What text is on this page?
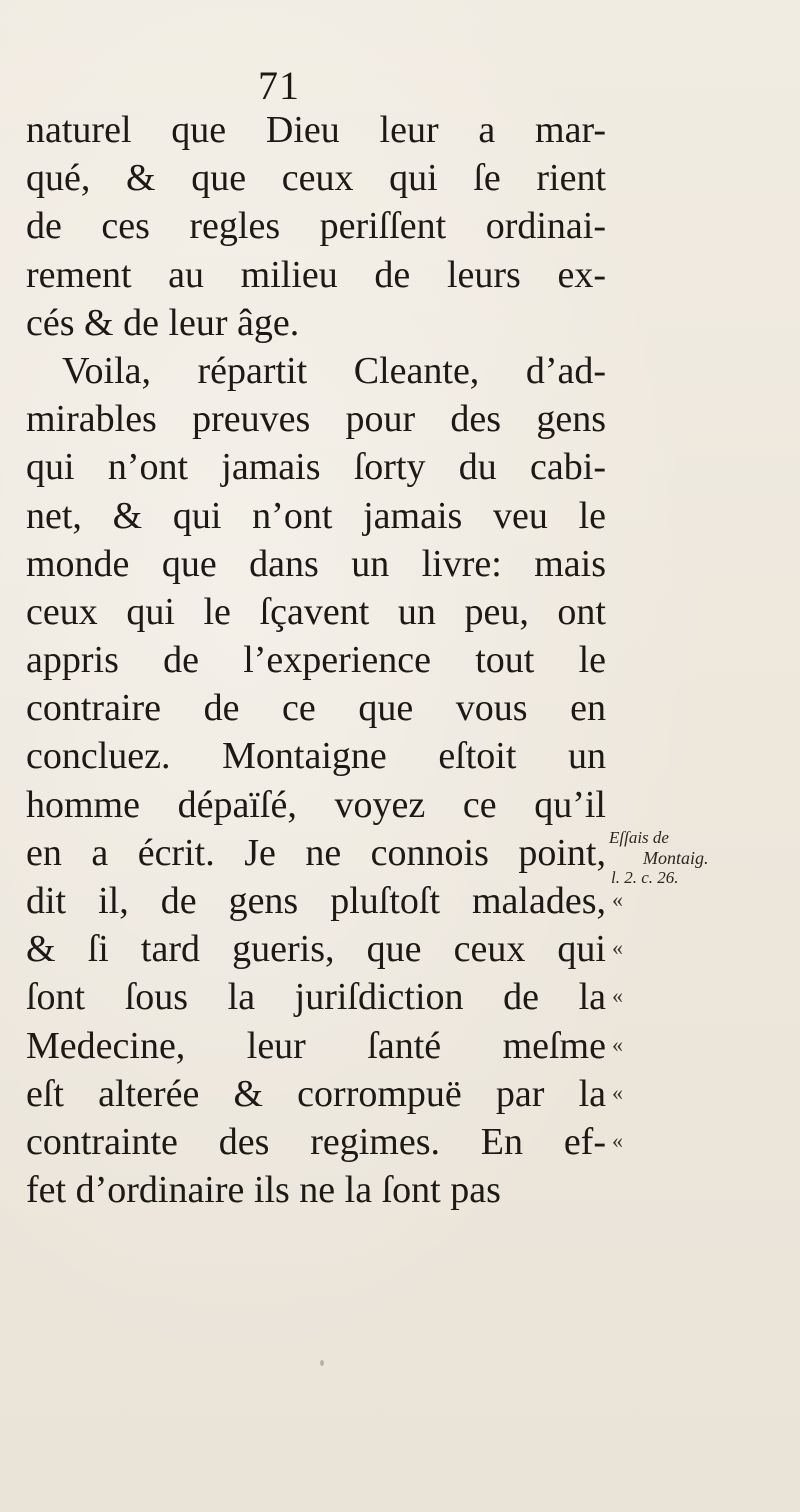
71
naturel que Dieu leur a mar-
qué, & que ceux qui ſe rient
de ces regles periſſent ordinai-
rement au milieu de leurs ex-
cés & de leur âge.
Voila, répartit Cleante, d’ad-
mirables preuves pour des gens
qui n’ont jamais ſorty du cabi-
net, & qui n’ont jamais veu le
monde que dans un livre: mais
ceux qui le ſçavent un peu, ont
appris de l’experience tout le
contraire de ce que vous en
concluez. Montaigne eſtoit un
homme dépaïſé, voyez ce qu’il
en a écrit. Je ne connois point,
dit il, de gens pluſtoſt malades,
& ſi tard gueris, que ceux qui
ſont ſous la juriſdiction de la
Medecine, leur ſanté meſme
eſt alterée & corrompuë par la
contrainte des regimes. En ef-
fet d’ordinaire ils ne la ſont pas
Eſſais de
Montaig.
l. 2. c. 26.
«
«
«
«
«
«
